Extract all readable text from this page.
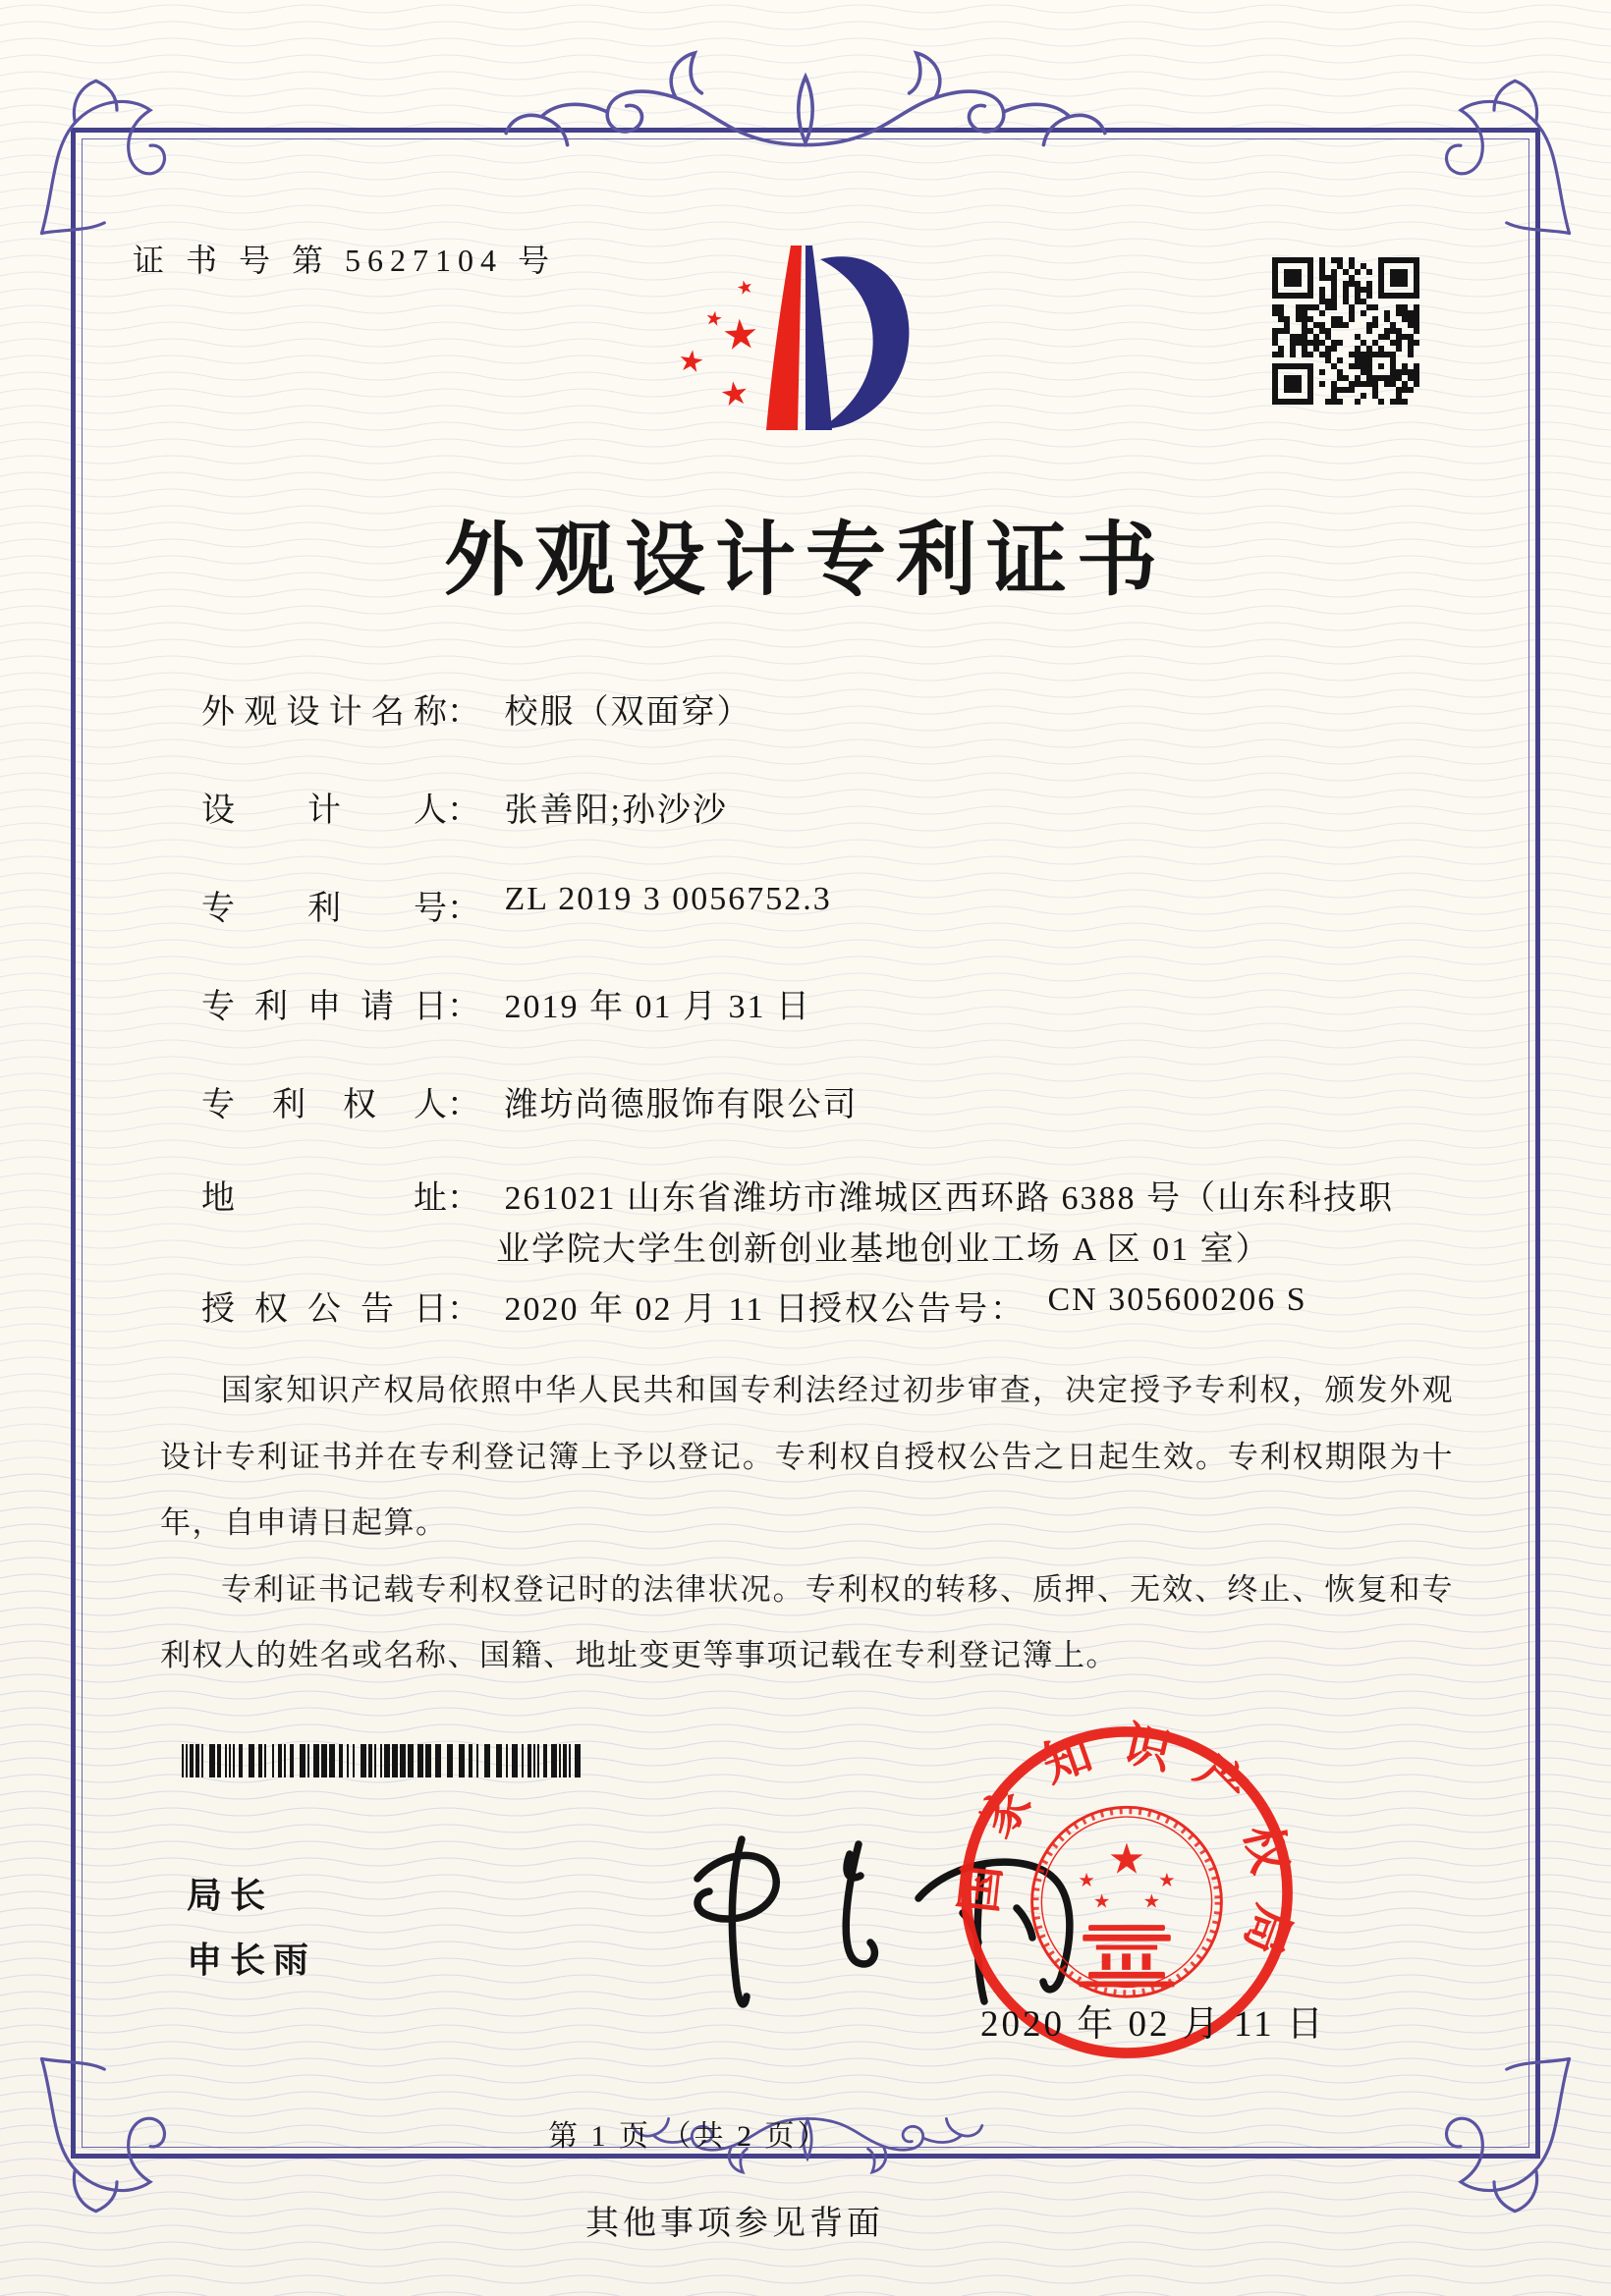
证 书 号 第 5627104 号
★
★
★
★
★
外观设计专利证书
外观设计名称： 校服（双面穿）
设计人： 张善阳;孙沙沙
专利号： ZL 2019 3 0056752.3
专利申请日： 2019 年 01 月 31 日
专利权人： 潍坊尚德服饰有限公司
地址： 261021 山东省潍坊市潍城区西环路 6388 号（山东科技职
业学院大学生创新创业基地创业工场 A 区 01 室）
授权公告日： 2020 年 02 月 11 日
授权公告号： CN 305600206 S

国家知识产权局依照中华人民共和国专利法经过初步审查，决定授予专利权，颁发外观设计专利证书并在专利登记簿上予以登记。专利权自授权公告之日起生效。专利权期限为十年，自申请日起算。

专利证书记载专利权登记时的法律状况。专利权的转移、质押、无效、终止、恢复和专利权人的姓名或名称、国籍、地址变更等事项记载在专利登记簿上。

局长
申长雨
国家知识产权局
★
★	★
★ ★
2020 年 02 月 11 日
第 1 页 （共 2 页）
其他事项参见背面
